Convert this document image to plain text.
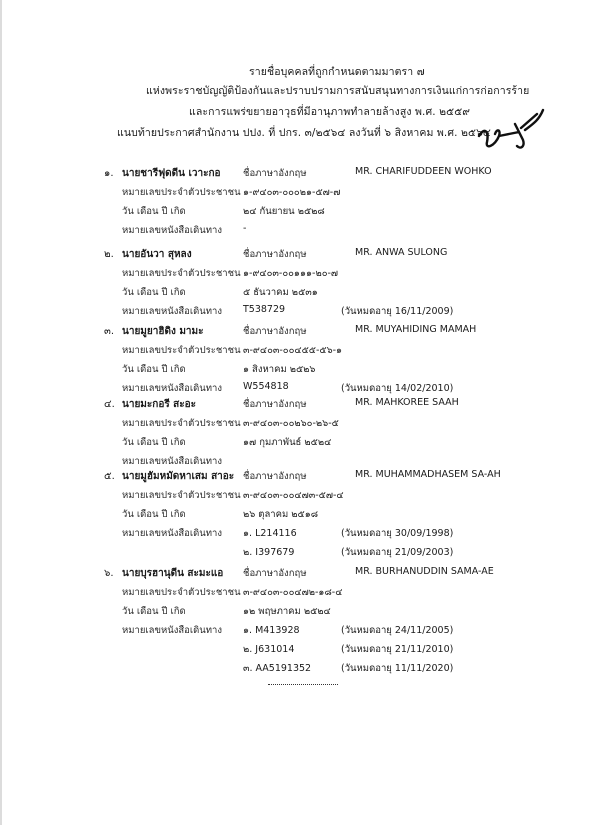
รายชื่อบุคคลที่ถูกกำหนดตามมาตรา ๗
แห่งพระราชบัญญัติป้องกันและปราบปรามการสนับสนุนทางการเงินแก่การก่อการร้าย
และการแพร่ขยายอาวุธที่มีอานุภาพทำลายล้างสูง พ.ศ. ๒๕๕๙
แนบท้ายประกาศสำนักงาน ปปง. ที่ ปกร. ๓/๒๕๖๔ ลงวันที่ ๖ สิงหาคม พ.ศ. ๒๕๖๔
๑. นายชารีฟุดดีน เวาะกอ ชื่อภาษาอังกฤษ	MR. CHARIFUDDEEN WOHKO
หมายเลขประจำตัวประชาชน ๑-๙๔๐๓-๐๐๐๒๑-๕๗-๗
วัน เดือน ปี เกิด	๒๔ กันยายน ๒๕๒๘
หมายเลขหนังสือเดินทาง -
๒. นายอันวา สุหลง	ชื่อภาษาอังกฤษ	MR. ANWA SULONG
หมายเลขประจำตัวประชาชน ๑-๙๔๐๓-๐๐๑๑๑-๒๐-๗
วัน เดือน ปี เกิด	๕ ธันวาคม ๒๕๓๑
หมายเลขหนังสือเดินทาง T538729	(วันหมดอายุ 16/11/2009)
๓. นายมูยาฮิดิง มามะ	ชื่อภาษาอังกฤษ	MR. MUYAHIDING MAMAH
หมายเลขประจำตัวประชาชน ๓-๙๔๐๓-๐๐๔๕๕-๕๖-๑
วัน เดือน ปี เกิด	๑ สิงหาคม ๒๕๒๖
หมายเลขหนังสือเดินทาง W554818	(วันหมดอายุ 14/02/2010)
๔. นายมะกอรี สะอะ	ชื่อภาษาอังกฤษ	MR. MAHKOREE SAAH
หมายเลขประจำตัวประชาชน ๓-๙๔๐๓-๐๐๒๖๐-๒๖-๕
วัน เดือน ปี เกิด	๑๗ กุมภาพันธ์ ๒๕๒๔
หมายเลขหนังสือเดินทาง
๕. นายมูฮัมหมัดหาเสม สาอะ ชื่อภาษาอังกฤษ	MR. MUHAMMADHASEM SA-AH
หมายเลขประจำตัวประชาชน ๓-๙๔๐๓-๐๐๔๗๓-๕๗-๔
วัน เดือน ปี เกิด	๒๖ ตุลาคม ๒๕๑๘
หมายเลขหนังสือเดินทาง ๑. L214116	(วันหมดอายุ 30/09/1998)
๒. I397679	(วันหมดอายุ 21/09/2003)
๖. นายบุรฮานุดีน สะมะแอ ชื่อภาษาอังกฤษ	MR. BURHANUDDIN SAMA-AE
หมายเลขประจำตัวประชาชน ๓-๙๔๐๓-๐๐๔๗๒-๑๘-๔
วัน เดือน ปี เกิด	๑๒ พฤษภาคม ๒๕๒๔
หมายเลขหนังสือเดินทาง ๑. M413928	(วันหมดอายุ 24/11/2005)
๒. J631014	(วันหมดอายุ 21/11/2010)
๓. AA5191352	(วันหมดอายุ 11/11/2020)
